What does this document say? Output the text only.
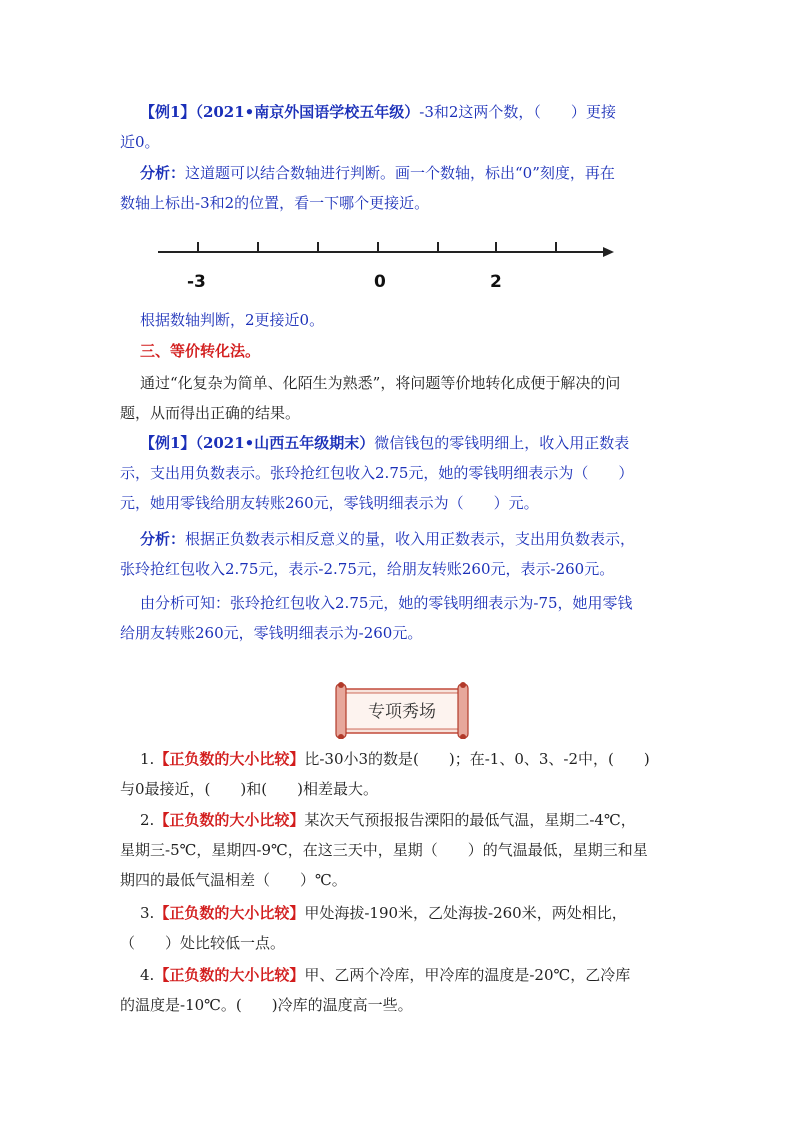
【例1】（2021•南京外国语学校五年级）-3和2这两个数，（　　）更接
近0。
分析：这道题可以结合数轴进行判断。画一个数轴，标出“0”刻度，再在
数轴上标出-3和2的位置，看一下哪个更接近。
-3	0	2
根据数轴判断，2更接近0。
三、等价转化法。
通过“化复杂为简单、化陌生为熟悉”，将问题等价地转化成便于解决的问
题，从而得出正确的结果。
【例1】（2021•山西五年级期末）微信钱包的零钱明细上，收入用正数表
示，支出用负数表示。张玲抢红包收入2.75元，她的零钱明细表示为（　　）
元，她用零钱给朋友转账260元，零钱明细表示为（　　）元。
分析：根据正负数表示相反意义的量，收入用正数表示，支出用负数表示，
张玲抢红包收入2.75元，表示-2.75元，给朋友转账260元，表示-260元。
由分析可知：张玲抢红包收入2.75元，她的零钱明细表示为-75，她用零钱
给朋友转账260元，零钱明细表示为-260元。
专项秀场
1.【正负数的大小比较】比-30小3的数是(　　)；在-1、0、3、-2中，(　　)
与0最接近，(　　)和(　　)相差最大。
2.【正负数的大小比较】某次天气预报报告溧阳的最低气温，星期二-4℃，
星期三-5℃，星期四-9℃，在这三天中，星期（　　）的气温最低，星期三和星
期四的最低气温相差（　　）℃。
3.【正负数的大小比较】甲处海拔-190米，乙处海拔-260米，两处相比，
（　　）处比较低一点。
4.【正负数的大小比较】甲、乙两个冷库，甲冷库的温度是-20℃，乙冷库
的温度是-10℃。(　　)冷库的温度高一些。
